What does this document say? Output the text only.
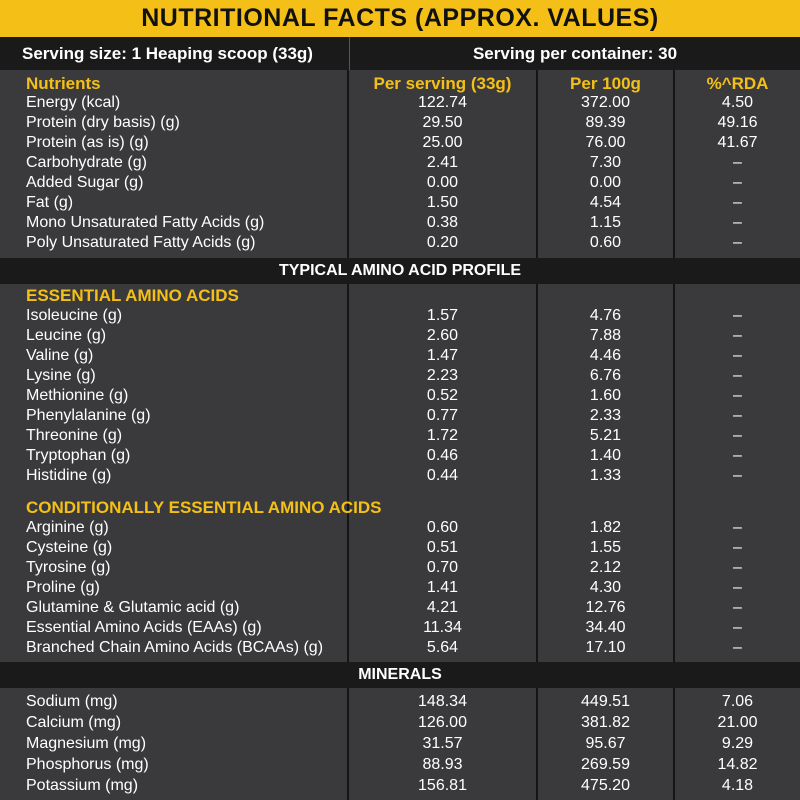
NUTRITIONAL FACTS (APPROX. VALUES)
Serving size: 1 Heaping scoop (33g)	Serving per container: 30
Nutrients	Per serving (33g)	Per 100g	%^RDA
Energy (kcal)	122.74	372.00	4.50
Protein (dry basis) (g)	29.50	89.39	49.16
Protein (as is) (g)	25.00	76.00	41.67
Carbohydrate (g)	2.41	7.30	–
Added Sugar (g)	0.00	0.00	–
Fat (g)	1.50	4.54	–
Mono Unsaturated Fatty Acids (g)	0.38	1.15	–
Poly Unsaturated Fatty Acids (g)	0.20	0.60	–
TYPICAL AMINO ACID PROFILE
ESSENTIAL AMINO ACIDS
Isoleucine (g)	1.57	4.76	–
Leucine (g)	2.60	7.88	–
Valine (g)	1.47	4.46	–
Lysine (g)	2.23	6.76	–
Methionine (g)	0.52	1.60	–
Phenylalanine (g)	0.77	2.33	–
Threonine (g)	1.72	5.21	–
Tryptophan (g)	0.46	1.40	–
Histidine (g)	0.44	1.33	–
CONDITIONALLY ESSENTIAL AMINO ACIDS
Arginine (g)	0.60	1.82	–
Cysteine (g)	0.51	1.55	–
Tyrosine (g)	0.70	2.12	–
Proline (g)	1.41	4.30	–
Glutamine & Glutamic acid (g)	4.21	12.76	–
Essential Amino Acids (EAAs) (g)	11.34	34.40	–
Branched Chain Amino Acids (BCAAs) (g)	5.64	17.10	–
MINERALS
Sodium (mg)	148.34	449.51	7.06
Calcium (mg)	126.00	381.82	21.00
Magnesium (mg)	31.57	95.67	9.29
Phosphorus (mg)	88.93	269.59	14.82
Potassium (mg)	156.81	475.20	4.18
